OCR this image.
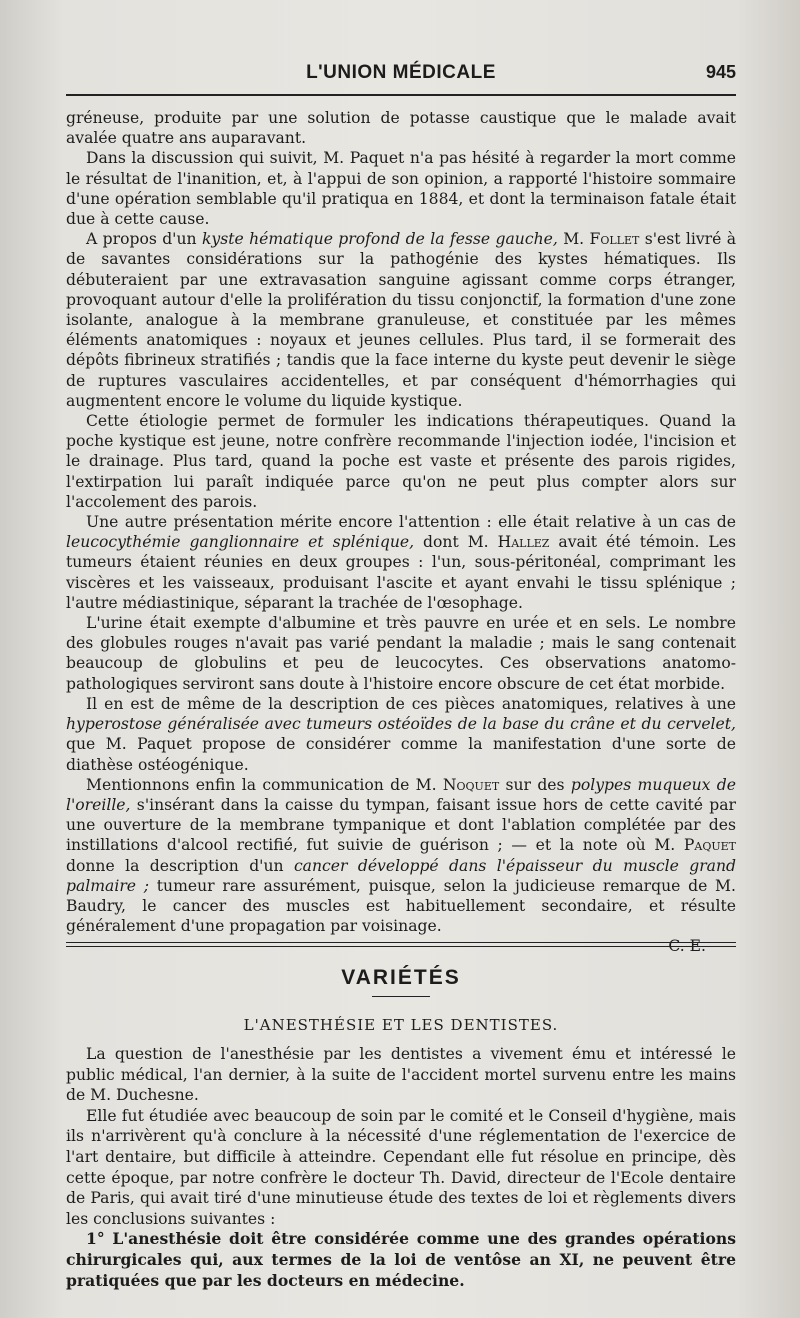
L'UNION MÉDICALE	945

gréneuse, produite par une solution de potasse caustique que le malade avait avalée quatre ans auparavant.

Dans la discussion qui suivit, M. Paquet n'a pas hésité à regarder la mort comme le résultat de l'inanition, et, à l'appui de son opinion, a rapporté l'histoire sommaire d'une opération semblable qu'il pratiqua en 1884, et dont la terminaison fatale était due à cette cause.

A propos d'un kyste hématique profond de la fesse gauche, M. Follet s'est livré à de savantes considérations sur la pathogénie des kystes hématiques. Ils débuteraient par une extravasation sanguine agissant comme corps étranger, provoquant autour d'elle la prolifération du tissu conjonctif, la formation d'une zone isolante, analogue à la membrane granuleuse, et constituée par les mêmes éléments anatomiques : noyaux et jeunes cellules. Plus tard, il se formerait des dépôts fibrineux stratifiés ; tandis que la face interne du kyste peut devenir le siège de ruptures vasculaires accidentelles, et par conséquent d'hémorrhagies qui augmentent encore le volume du liquide kystique.

Cette étiologie permet de formuler les indications thérapeutiques. Quand la poche kystique est jeune, notre confrère recommande l'injection iodée, l'incision et le drainage. Plus tard, quand la poche est vaste et présente des parois rigides, l'extirpation lui paraît indiquée parce qu'on ne peut plus compter alors sur l'accolement des parois.

Une autre présentation mérite encore l'attention : elle était relative à un cas de leucocythémie ganglionnaire et splénique, dont M. Hallez avait été témoin. Les tumeurs étaient réunies en deux groupes : l'un, sous-péritonéal, comprimant les viscères et les vaisseaux, produisant l'ascite et ayant envahi le tissu splénique ; l'autre médiastinique, séparant la trachée de l'œsophage.

L'urine était exempte d'albumine et très pauvre en urée et en sels. Le nombre des globules rouges n'avait pas varié pendant la maladie ; mais le sang contenait beaucoup de globulins et peu de leucocytes. Ces observations anatomo-pathologiques serviront sans doute à l'histoire encore obscure de cet état morbide.

Il en est de même de la description de ces pièces anatomiques, relatives à une hyperostose généralisée avec tumeurs ostéoïdes de la base du crâne et du cervelet, que M. Paquet propose de considérer comme la manifestation d'une sorte de diathèse ostéogénique.

Mentionnons enfin la communication de M. Noquet sur des polypes muqueux de l'oreille, s'insérant dans la caisse du tympan, faisant issue hors de cette cavité par une ouverture de la membrane tympanique et dont l'ablation complétée par des instillations d'alcool rectifié, fut suivie de guérison ; — et la note où M. Paquet donne la description d'un cancer développé dans l'épaisseur du muscle grand palmaire ; tumeur rare assurément, puisque, selon la judicieuse remarque de M. Baudry, le cancer des muscles est habituellement secondaire, et résulte généralement d'une propagation par voisinage.

C. E.

VARIÉTÉS
L'ANESTHÉSIE ET LES DENTISTES.

La question de l'anesthésie par les dentistes a vivement ému et intéressé le public médical, l'an dernier, à la suite de l'accident mortel survenu entre les mains de M. Duchesne.

Elle fut étudiée avec beaucoup de soin par le comité et le Conseil d'hygiène, mais ils n'arrivèrent qu'à conclure à la nécessité d'une réglementation de l'exercice de l'art dentaire, but difficile à atteindre. Cependant elle fut résolue en principe, dès cette époque, par notre confrère le docteur Th. David, directeur de l'Ecole dentaire de Paris, qui avait tiré d'une minutieuse étude des textes de loi et règlements divers les conclusions suivantes :

1° L'anesthésie doit être considérée comme une des grandes opérations chirurgicales qui, aux termes de la loi de ventôse an XI, ne peuvent être pratiquées que par les docteurs en médecine.
